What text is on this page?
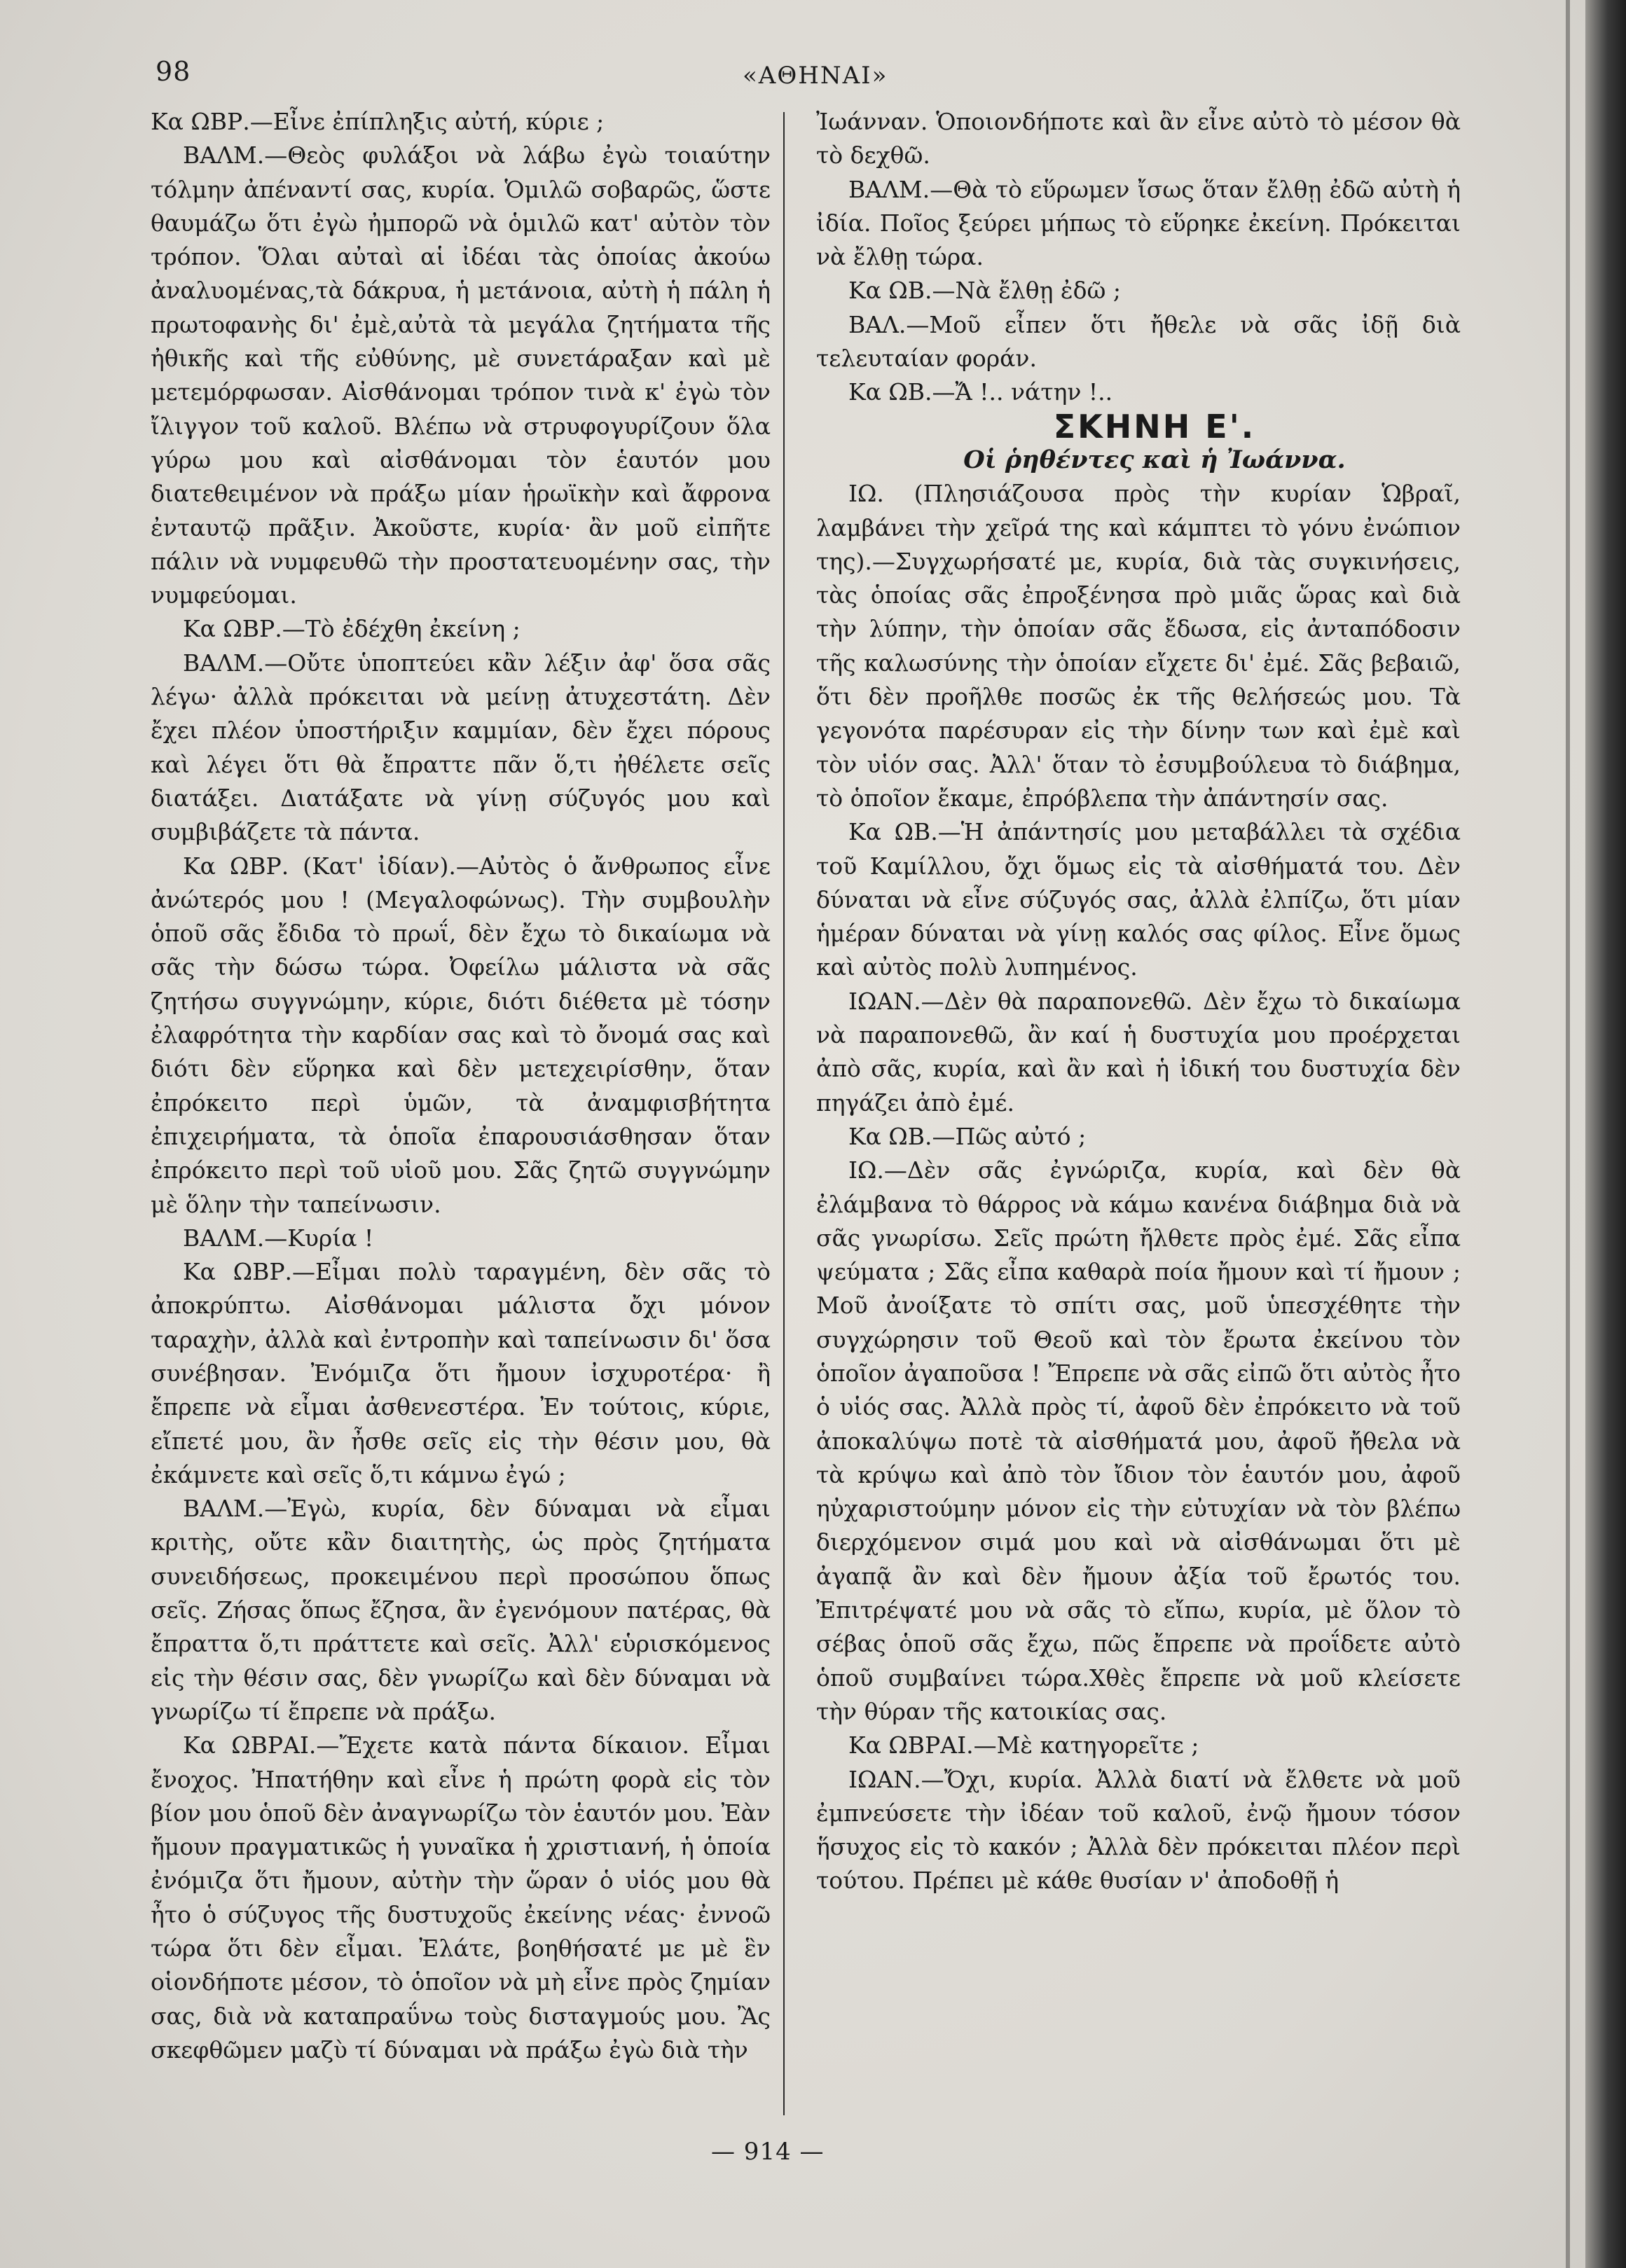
98	«ΑΘΗΝΑΙ»

Κα ΩΒΡ.—Εἶνε ἐπίπληξις αὐτή, κύριε ;

ΒΑΛΜ.—Θεὸς φυλάξοι νὰ λάβω ἐγὼ τοιαύτην τόλμην ἀπέναντί σας, κυρία. Ὁμιλῶ σοβαρῶς, ὥστε θαυμάζω ὅτι ἐγὼ ἠμπορῶ νὰ ὁμιλῶ κατ' αὐτὸν τὸν τρόπον. Ὅλαι αὐταὶ αἱ ἰδέαι τὰς ὁποίας ἀκούω ἀναλυομένας,τὰ δάκρυα, ἡ μετάνοια, αὐτὴ ἡ πάλη ἡ πρωτοφανὴς δι' ἐμὲ,αὐτὰ τὰ μεγάλα ζητήματα τῆς ἠθικῆς καὶ τῆς εὐθύνης, μὲ συνετάραξαν καὶ μὲ μετεμόρφωσαν. Αἰσθάνομαι τρόπον τινὰ κ' ἐγὼ τὸν ἴλιγγον τοῦ καλοῦ. Βλέπω νὰ στρυφογυρίζουν ὅλα γύρω μου καὶ αἰσθάνομαι τὸν ἑαυτόν μου διατεθειμένον νὰ πράξω μίαν ἡρωϊκὴν καὶ ἄφρονα ἐνταυτῷ πρᾶξιν. Ἀκοῦστε, κυρία· ἂν μοῦ εἰπῆτε πάλιν νὰ νυμφευθῶ τὴν προστατευομένην σας, τὴν νυμφεύομαι.

Κα ΩΒΡ.—Τὸ ἐδέχθη ἐκείνη ;

ΒΑΛΜ.—Οὔτε ὑποπτεύει κἂν λέξιν ἀφ' ὅσα σᾶς λέγω· ἀλλὰ πρόκειται νὰ μείνῃ ἀτυχεστάτη. Δὲν ἔχει πλέον ὑποστήριξιν καμμίαν, δὲν ἔχει πόρους καὶ λέγει ὅτι θὰ ἔπραττε πᾶν ὅ,τι ἠθέλετε σεῖς διατάξει. Διατάξατε νὰ γίνῃ σύζυγός μου καὶ συμβιβάζετε τὰ πάντα.

Κα ΩΒΡ. (Κατ' ἰδίαν).—Αὐτὸς ὁ ἄνθρωπος εἶνε ἀνώτερός μου ! (Μεγαλοφώνως). Τὴν συμβουλὴν ὁποῦ σᾶς ἔδιδα τὸ πρωΐ, δὲν ἔχω τὸ δικαίωμα νὰ σᾶς τὴν δώσω τώρα. Ὀφείλω μάλιστα νὰ σᾶς ζητήσω συγγνώμην, κύριε, διότι διέθετα μὲ τόσην ἐλαφρότητα τὴν καρδίαν σας καὶ τὸ ὄνομά σας καὶ διότι δὲν εὕρηκα καὶ δὲν μετεχειρίσθην, ὅταν ἐπρόκειτο περὶ ὑμῶν, τὰ ἀναμφισβήτητα ἐπιχειρήματα, τὰ ὁποῖα ἐπαρουσιάσθησαν ὅταν ἐπρόκειτο περὶ τοῦ υἱοῦ μου. Σᾶς ζητῶ συγγνώμην μὲ ὅλην τὴν ταπείνωσιν.

ΒΑΛΜ.—Κυρία !

Κα ΩΒΡ.—Εἶμαι πολὺ ταραγμένη, δὲν σᾶς τὸ ἀποκρύπτω. Αἰσθάνομαι μάλιστα ὄχι μόνον ταραχὴν, ἀλλὰ καὶ ἐντροπὴν καὶ ταπείνωσιν δι' ὅσα συνέβησαν. Ἐνόμιζα ὅτι ἤμουν ἰσχυροτέρα· ἢ ἔπρεπε νὰ εἶμαι ἀσθενεστέρα. Ἐν τούτοις, κύριε, εἴπετέ μου, ἂν ἦσθε σεῖς εἰς τὴν θέσιν μου, θὰ ἐκάμνετε καὶ σεῖς ὅ,τι κάμνω ἐγώ ;

ΒΑΛΜ.—Ἐγὼ, κυρία, δὲν δύναμαι νὰ εἶμαι κριτὴς, οὔτε κἂν διαιτητὴς, ὡς πρὸς ζητήματα συνειδήσεως, προκειμένου περὶ προσώπου ὅπως σεῖς. Ζήσας ὅπως ἔζησα, ἂν ἐγενόμουν πατέρας, θὰ ἔπραττα ὅ,τι πράττετε καὶ σεῖς. Ἀλλ' εὑρισκόμενος εἰς τὴν θέσιν σας, δὲν γνωρίζω καὶ δὲν δύναμαι νὰ γνωρίζω τί ἔπρεπε νὰ πράξω.

Κα ΩΒΡΑΙ.—Ἔχετε κατὰ πάντα δίκαιον. Εἶμαι ἔνοχος. Ἠπατήθην καὶ εἶνε ἡ πρώτη φορὰ εἰς τὸν βίον μου ὁποῦ δὲν ἀναγνωρίζω τὸν ἑαυτόν μου. Ἐὰν ἤμουν πραγματικῶς ἡ γυναῖκα ἡ χριστιανή, ἡ ὁποία ἐνόμιζα ὅτι ἤμουν, αὐτὴν τὴν ὥραν ὁ υἱός μου θὰ ἦτο ὁ σύζυγος τῆς δυστυχοῦς ἐκείνης νέας· ἐννοῶ τώρα ὅτι δὲν εἶμαι. Ἐλάτε, βοηθήσατέ με μὲ ἓν οἱονδήποτε μέσον, τὸ ὁποῖον νὰ μὴ εἶνε πρὸς ζημίαν σας, διὰ νὰ καταπραΰνω τοὺς δισταγμούς μου. Ἂς σκεφθῶμεν μαζὺ τί δύναμαι νὰ πράξω ἐγὼ διὰ τὴν

Ἰωάνναν. Ὁποιονδήποτε καὶ ἂν εἶνε αὐτὸ τὸ μέσον θὰ τὸ δεχθῶ.

ΒΑΛΜ.—Θὰ τὸ εὕρωμεν ἴσως ὅταν ἔλθῃ ἐδῶ αὐτὴ ἡ ἰδία. Ποῖος ξεύρει μήπως τὸ εὕρηκε ἐκείνη. Πρόκειται νὰ ἔλθῃ τώρα.

Κα ΩΒ.—Νὰ ἔλθῃ ἐδῶ ;

ΒΑΛ.—Μοῦ εἶπεν ὅτι ἤθελε νὰ σᾶς ἰδῇ διὰ τελευταίαν φοράν.

Κα ΩΒ.—Ἄ !.. νάτην !..

ΣΚΗΝΗ Ε'.

Οἱ ῥηθέντες καὶ ἡ Ἰωάννα.

ΙΩ. (Πλησιάζουσα πρὸς τὴν κυρίαν Ὡβραῖ, λαμβάνει τὴν χεῖρά της καὶ κάμπτει τὸ γόνυ ἐνώπιον της).—Συγχωρήσατέ με, κυρία, διὰ τὰς συγκινήσεις, τὰς ὁποίας σᾶς ἐπροξένησα πρὸ μιᾶς ὥρας καὶ διὰ τὴν λύπην, τὴν ὁποίαν σᾶς ἔδωσα, εἰς ἀνταπόδοσιν τῆς καλωσύνης τὴν ὁποίαν εἴχετε δι' ἐμέ. Σᾶς βεβαιῶ, ὅτι δὲν προῆλθε ποσῶς ἐκ τῆς θελήσεώς μου. Τὰ γεγονότα παρέσυραν εἰς τὴν δίνην των καὶ ἐμὲ καὶ τὸν υἱόν σας. Ἀλλ' ὅταν τὸ ἐσυμβούλευα τὸ διάβημα, τὸ ὁποῖον ἔκαμε, ἐπρόβλεπα τὴν ἀπάντησίν σας.

Κα ΩΒ.—Ἡ ἀπάντησίς μου μεταβάλλει τὰ σχέδια τοῦ Καμίλλου, ὄχι ὅμως εἰς τὰ αἰσθήματά του. Δὲν δύναται νὰ εἶνε σύζυγός σας, ἀλλὰ ἐλπίζω, ὅτι μίαν ἡμέραν δύναται νὰ γίνῃ καλός σας φίλος. Εἶνε ὅμως καὶ αὐτὸς πολὺ λυπημένος.

ΙΩΑΝ.—Δὲν θὰ παραπονεθῶ. Δὲν ἔχω τὸ δικαίωμα νὰ παραπονεθῶ, ἂν καί ἡ δυστυχία μου προέρχεται ἀπὸ σᾶς, κυρία, καὶ ἂν καὶ ἡ ἰδική του δυστυχία δὲν πηγάζει ἀπὸ ἐμέ.

Κα ΩΒ.—Πῶς αὐτό ;

ΙΩ.—Δὲν σᾶς ἐγνώριζα, κυρία, καὶ δὲν θὰ ἐλάμβανα τὸ θάρρος νὰ κάμω κανένα διάβημα διὰ νὰ σᾶς γνωρίσω. Σεῖς πρώτη ἤλθετε πρὸς ἐμέ. Σᾶς εἶπα ψεύματα ; Σᾶς εἶπα καθαρὰ ποία ἤμουν καὶ τί ἤμουν ; Μοῦ ἀνοίξατε τὸ σπίτι σας, μοῦ ὑπεσχέθητε τὴν συγχώρησιν τοῦ Θεοῦ καὶ τὸν ἔρωτα ἐκείνου τὸν ὁποῖον ἀγαποῦσα ! Ἔπρεπε νὰ σᾶς εἰπῶ ὅτι αὐτὸς ἦτο ὁ υἱός σας. Ἀλλὰ πρὸς τί, ἀφοῦ δὲν ἐπρόκειτο νὰ τοῦ ἀποκαλύψω ποτὲ τὰ αἰσθήματά μου, ἀφοῦ ἤθελα νὰ τὰ κρύψω καὶ ἀπὸ τὸν ἴδιον τὸν ἑαυτόν μου, ἀφοῦ ηὐχαριστούμην μόνον εἰς τὴν εὐτυχίαν νὰ τὸν βλέπω διερχόμενον σιμά μου καὶ νὰ αἰσθάνωμαι ὅτι μὲ ἀγαπᾷ ἂν καὶ δὲν ἤμουν ἀξία τοῦ ἔρωτός του. Ἐπιτρέψατέ μου νὰ σᾶς τὸ εἴπω, κυρία, μὲ ὅλον τὸ σέβας ὁποῦ σᾶς ἔχω, πῶς ἔπρεπε νὰ προΐδετε αὐτὸ ὁποῦ συμβαίνει τώρα.Χθὲς ἔπρεπε νὰ μοῦ κλείσετε τὴν θύραν τῆς κατοικίας σας.

Κα ΩΒΡΑΙ.—Μὲ κατηγορεῖτε ;

ΙΩΑΝ.—Ὄχι, κυρία. Ἀλλὰ διατί νὰ ἔλθετε νὰ μοῦ ἐμπνεύσετε τὴν ἰδέαν τοῦ καλοῦ, ἐνῷ ἤμουν τόσον ἥσυχος εἰς τὸ κακόν ; Ἀλλὰ δὲν πρόκειται πλέον περὶ τούτου. Πρέπει μὲ κάθε θυσίαν ν' ἀποδοθῇ ἡ

— 914 —
